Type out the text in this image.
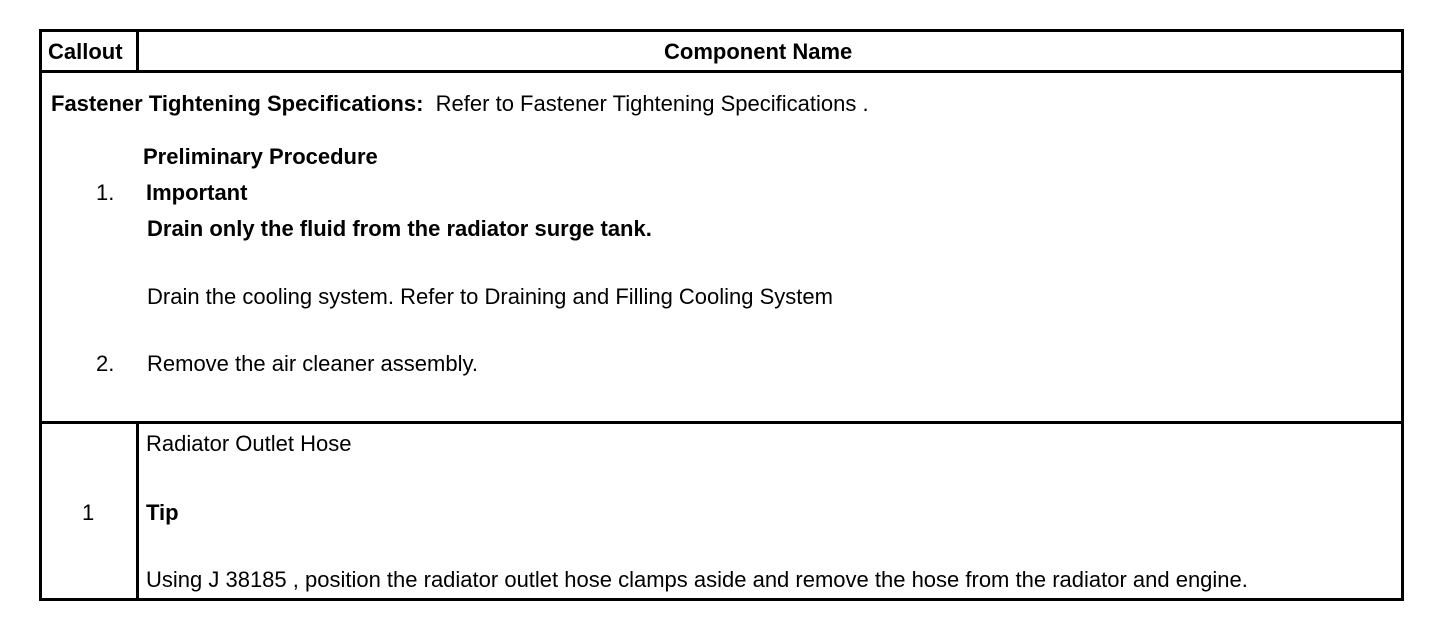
Callout	Component Name
Fastener Tightening Specifications: Refer to Fastener Tightening Specifications .
Preliminary Procedure
1. Important
Drain only the fluid from the radiator surge tank.
Drain the cooling system. Refer to Draining and Filling Cooling System
2. Remove the air cleaner assembly.
1
Radiator Outlet Hose
Tip
Using J 38185 , position the radiator outlet hose clamps aside and remove the hose from the radiator and engine.
